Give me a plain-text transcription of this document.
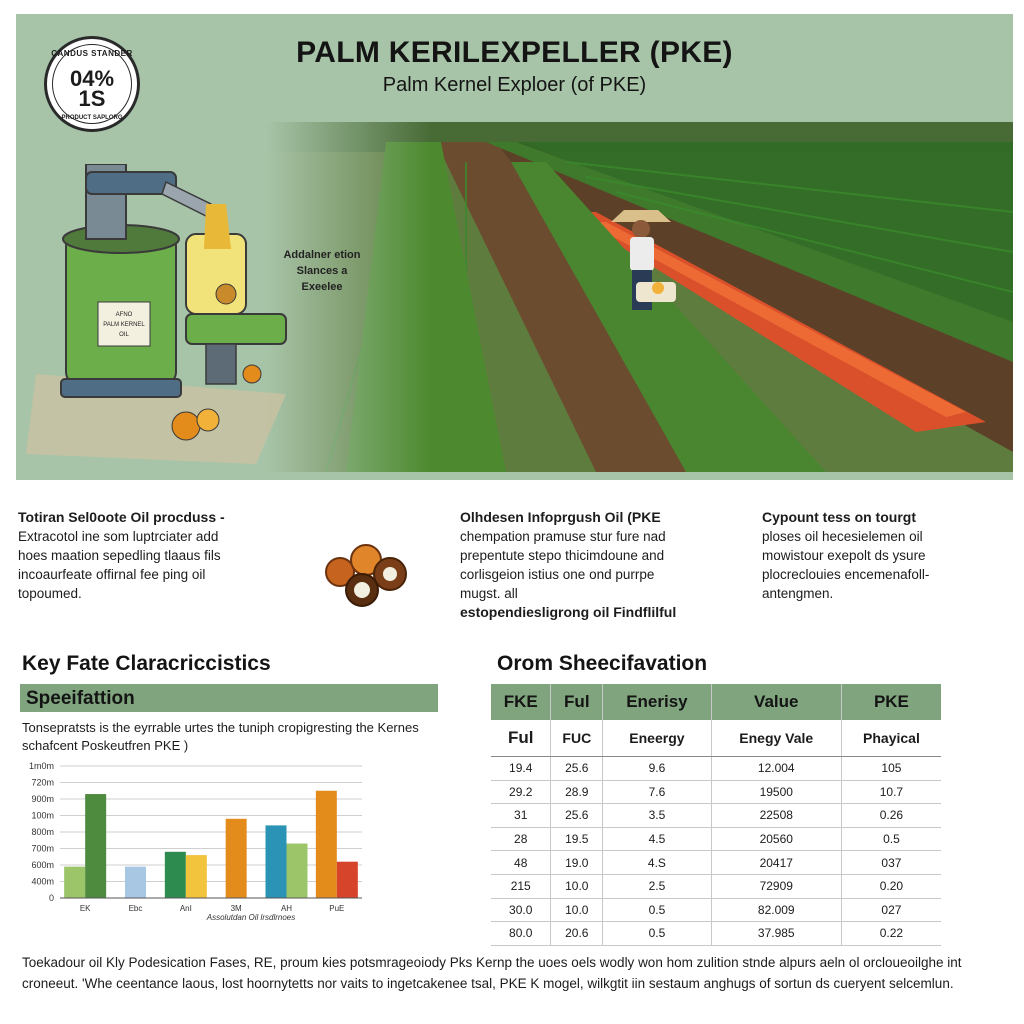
CANDUS STANDER
04%
1S
PRODUCT SAPLORG
PALM KERILEXPELLER (PKE)
Palm Kernel Exploer (of PKE)
AFNO
PALM KERNEL
OIL
Addalner etion
Slances a
Exeelee
Totiran Sel0oote Oil procduss -
Extracotol ine som luptrciater add
hoes maation sepedling tlaaus fils
incoaurfeate offirnal fee ping oil
topoumed.
Olhdesen Infoprgush Oil (PKE
chempation pramuse stur fure nad
prepentute stepo thicimdoune and
corlisgeion istius one ond purrpe
mugst. all
estopendiesligrong oil Findflilful
Cypount tess on tourgt
ploses oil hecesielemen oil
mowistour exepolt ds ysure
plocreclouies encemenafoll-
antengmen.
Key Fate Claracriccistics
Speeifattion
Tonsepratsts is the eyrrable urtes the tuniph cropigresting the Kernes schafcent Poskeutfren PKE )
0
400m
600m
700m
800m
100m
900m
720m
1m0m
EK	Ebc	AnI	3M	AH	PuE
Assolutdan Oil lrsdlrnoes
Orom Sheecifavation
FKE	Ful	Enerisy	Value	PKE
Ful	FUC	Eneergy	Enegy Vale	Phayical
19.4	25.6	9.6	12.004	105
29.2	28.9	7.6	19500	10.7
31	25.6	3.5	22508	0.26
28	19.5	4.5	20560	0.5
48	19.0	4.S	20417	037
215	10.0	2.5	72909	0.20
30.0	10.0	0.5	82.009	027
80.0	20.6	0.5	37.985	0.22
Toekadour oil Kly Podesication Fases, RE, proum kies potsmrageoiody Pks Kernp the uoes oels wodly won hom zulition stnde alpurs aeln ol orcloueoilghe int croneeut. 'Whe ceentance laous, lost hoornytetts nor vaits to ingetcakenee tsal, PKE K mogel, wilkgtit iin sestaum anghugs of sortun ds cueryent selcemlun.
